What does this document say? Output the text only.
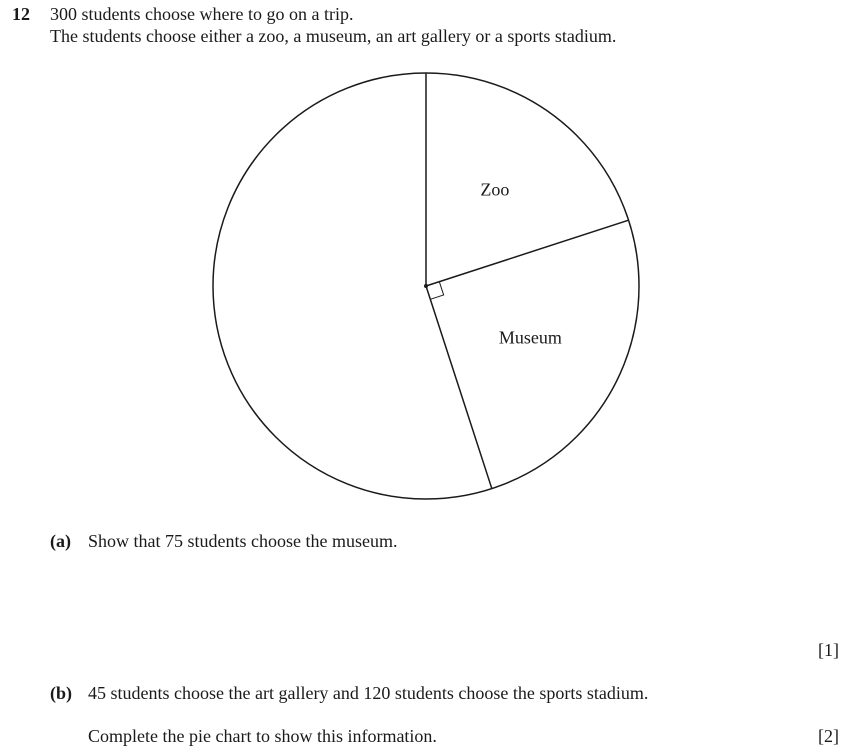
12 300 students choose where to go on a trip.
The students choose either a zoo, a museum, an art gallery or a sports stadium.
Zoo
Museum
(a) Show that 75 students choose the museum.
[1]
(b) 45 students choose the art gallery and 120 students choose the sports stadium.
Complete the pie chart to show this information.	[2]
